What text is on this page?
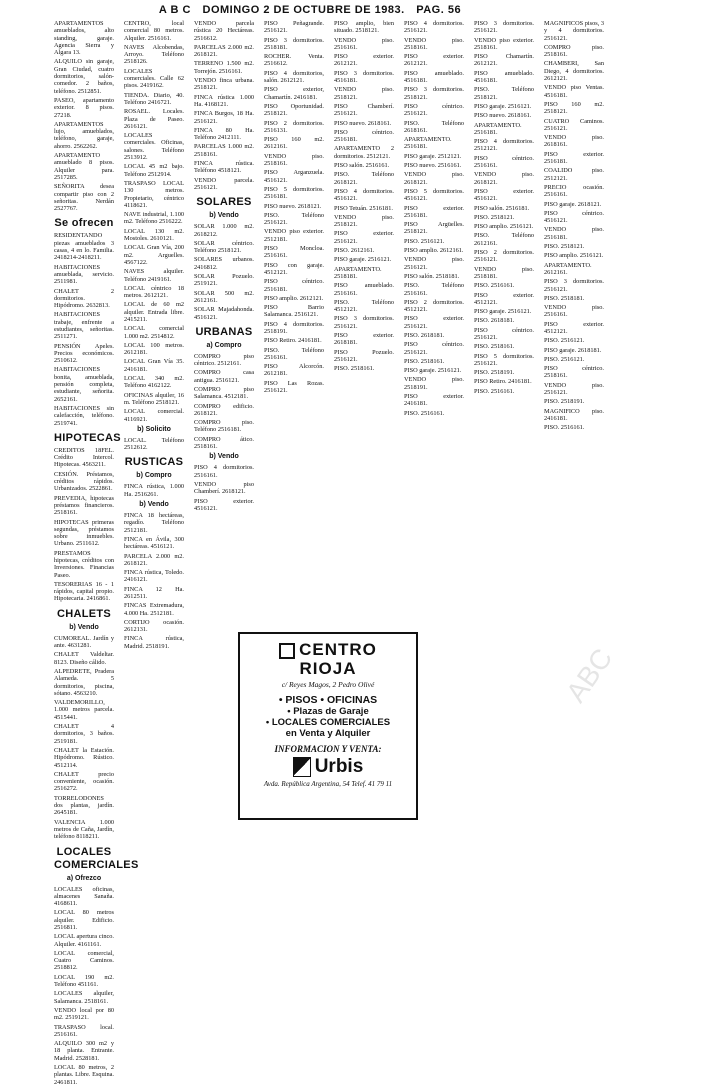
A B C DOMINGO 2 DE OCTUBRE DE 1983. PAG. 56
APARTAMENTOS amueblados, alto standing, garaje. Agencia Sierra y Algara 13.
ALQUILO sin garaje, Gran Ciudad, cuatro dormitorios, salón-comedor. 2 baños, teléfono. 2512851.
PASEO, apartamento exterior. 8 pisos. 27218.
APARTAMENTOS lujo, amueblados, teléfono, garaje, ahorro. 2562262.
APARTAMENTO amueblado 8 pisos. Alquiler para. 2517285.
SEÑORITA desea compartir piso con 2 señoritas. Nerdán 2527767.
Se ofrecen
RESIDENTANDO piezas amueblados 3 casas, 4 en lo. Familia. 2418214-2418211.
HABITACIONES amueblada, servicio. 2511981.
CHALET 2 dormitorios. Hipódromo. 2632813.
HABITACIONES trabaje, enfrente a estudiantes, señoritas. 2511271.
PENSIÓN Apeles. Precios económicos. 2510612.
HABITACIONES bonita, amueblada, pensión completa, estudiante, señorita. 2652161.
HABITACIONES sin calefacción, teléfono. 2519741.
HIPOTECAS
CREDITOS 18FEL. Crédito Intercol. Hipotecas. 4563211.
CESIÓN. Préstamos, créditos rápidos. Urbanizados. 2522861.
PREVEDIA, hipotecas préstamos financieros. 2518161.
HIPOTECAS primeras segundas, préstamos sobre inmuebles. Urbano. 2511612.
PRESTAMOS hipotecas, créditos con Inversiones. Financias Paseo.
TESORERIAS 16 - 1 rápidos, capital propio. Hipotecaria. 2416861.
CHALETS
b) Vendo
CUMOREAL. Jardín y ante. 4631281.
CHALET Valdeltar. 8123. Diseño cálido.
ALPEDRETE, Pradera Alameda. 5 dormitorios, piscina, sótano. 4563210.
VALDEMORILLO, 1.000 metros parcela. 4515441.
CHALET 4 dormitorios, 3 baños. 2519181.
CHALET la Estación. Hipódromo. Rústico. 4512114.
CHALET precio conveniente, ocasión. 2516272.
TORRELODONES dos plantas, jardín. 2645181.
VALENCIA 1.000 metros de Caña, Jardín, teléfono 8118211.
LOCALES COMERCIALES
a) Ofrezco
LOCALES oficinas, almacenes Sanaña. 4168611.
LOCAL 80 metros alquiler. Edificio. 2516811.
LOCAL apertura cinco. Alquiler. 4161161.
LOCAL comercial, Cuatro Caminos. 2518812.
LOCAL 190 m2. Teléfono 451161.
LOCALES alquiler, Salamanca. 2518161.
VENDO local por 80 m2. 2519121.
TRASPASO local. 2516161.
ALQUILO 300 m2 y 18 planta. Entrante. Madrid. 2528181.
LOCAL 80 metros, 2 plantas. Libre. Esquina. 2461811.
CENTRO, local comercial 80 metros. Alquiler. 2516161.
NAVES Alcobendas, Arroyo. Teléfono 2518126.
LOCALES comerciales. Calle 62 pisos. 2419162.
TIENDA. Diario, 40. Teléfono 2416721.
ROSAEL. Locales. Plaza de Paseo. 2616121.
LOCALES comerciales. Oficinas, salones. Teléfono 2513912.
LOCAL 45 m2 bajo. Teléfono 2512914.
TRASPASO LOCAL 130 metros. Propietario, céntrico 4118621.
NAVE industrial, 1.100 m2. Teléfono 2516222.
LOCAL 130 m2. Mostoles. 2610121.
LOCAL Gran Vía, 200 m2. Arguelles. 4567122.
NAVES alquiler. Teléfono 2419161.
LOCAL céntrico 18 metros. 2612121.
LOCAL de 60 m2 alquiler. Entrada libre. 2415211.
LOCAL comercial 1.000 m2. 2514812.
LOCAL 100 metros. 2612181.
LOCAL Gran Vía 35. 2416181.
LOCAL 340 m2. Teléfono 4162122.
OFICINAS alquiler, 16 m. Teléfono 2518121.
LOCAL comercial. 4116921.
b) Solicito
LOCAL. Teléfono 2512612.
RUSTICAS
b) Compro
FINCA rústica, 1.000 Ha. 2516261.
b) Vendo
FINCA 18 hectáreas, regadío. Teléfono 2512181.
FINCA en Ávila, 300 hectáreas. 4516121.
PARCELA 2.000 m2. 2618121.
FINCA rústica, Toledo. 2416121.
FINCA 12 Ha. 2612511.
FINCAS Extremadura, 4.000 Ha. 2512181.
CORTIJO ocasión. 2612131.
FINCA rústica, Madrid. 2518191.
VENDO parcela rústica 20 Hectáreas. 2516612.
PARCELAS 2.000 m2. 2618121.
TERRENO 1.500 m2. Torrejón. 2516161.
VENDO finca urbana. 2518121.
FINCA rústica 1.000 Ha. 4168121.
FINCA Burgos, 18 Ha. 2516121.
FINCA 80 Ha. Teléfono 2412111.
PARCELAS 1.000 m2. 2518161.
FINCA rústica. Teléfono 4518121.
VENDO parcela. 2516121.
SOLARES
b) Vendo
SOLAR 1.000 m2. 2618212.
SOLAR céntrico. Teléfono 2518121.
SOLARES urbanos. 2416812.
SOLAR Pozuelo. 2519121.
SOLAR 500 m2. 2612161.
SOLAR Majadahonda. 4516121.
URBANAS
a) Compro
COMPRO piso céntrico. 2512161.
COMPRO casa antigua. 2516121.
COMPRO piso Salamanca. 4512181.
COMPRO edificio. 2618121.
COMPRO piso. Teléfono 2516181.
COMPRO ático. 2518161.
b) Vendo
PISO 4 dormitorios. 2516161.
VENDO piso Chamberí. 2618121.
PISO exterior. 4516121.
PISO Peñagrande. 2516121.
PISO 3 dormitorios. 2518181.
ROCHER. Venta. 2516612.
PISO 4 dormitorios, salón. 2612121.
PISO exterior, Chamartín. 2416181.
PISO Oportunidad. 2518121.
PISO 2 dormitorios. 2516131.
PISO 160 m2. 2612161.
VENDO piso. 2518161.
PISO Arganzuela. 4516121.
PISO 5 dormitorios. 2516181.
PISO nuevo. 2618121.
PISO. Teléfono 2516121.
VENDO piso exterior. 2512181.
PISO Moncloa. 2516161.
PISO con garaje. 4512121.
PISO céntrico. 2516181.
PISO amplio. 2612121.
PISO Barrio Salamanca. 2516121.
PISO 4 dormitorios. 2518191.
PISO Retiro. 2416181.
PISO. Teléfono 2516161.
PISO Alcorcón. 2612181.
PISO Las Rozas. 2516121.
PISO amplio, bien situado. 2518121.
VENDO piso. 2516161.
PISO exterior. 2612121.
PISO 3 dormitorios. 4516181.
VENDO piso. 2518121.
PISO Chamberí. 2516121.
PISO nuevo. 2618161.
PISO céntrico. 2516181.
APARTAMENTO 2 dormitorios. 2512121.
PISO salón. 2516161.
PISO. Teléfono 2618121.
PISO 4 dormitorios. 4516121.
PISO Tetuán. 2516181.
VENDO piso. 2518121.
PISO exterior. 2516121.
PISO. 2612161.
PISO garaje. 2516121.
APARTAMENTO. 2518181.
PISO amueblado. 2516161.
PISO. Teléfono 4512121.
PISO 3 dormitorios. 2516121.
PISO exterior. 2618181.
PISO Pozuelo. 2516121.
PISO. 2518161.
PISO 4 dormitorios. 2516121.
VENDO piso. 2518161.
PISO exterior. 2612121.
PISO amueblado. 4516181.
PISO 3 dormitorios. 2518121.
PISO céntrico. 2516121.
PISO. Teléfono 2618161.
APARTAMENTO. 2516181.
PISO garaje. 2512121.
PISO nuevo. 2516161.
VENDO piso. 2618121.
PISO 5 dormitorios. 4516121.
PISO exterior. 2516181.
PISO Argüelles. 2518121.
PISO. 2516121.
PISO amplio. 2612161.
VENDO piso. 2516121.
PISO salón. 2518181.
PISO. Teléfono 2516161.
PISO 2 dormitorios. 4512121.
PISO exterior. 2516121.
PISO. 2618181.
PISO céntrico. 2516121.
PISO. 2518161.
PISO garaje. 2516121.
VENDO piso. 2518191.
PISO exterior. 2416181.
PISO. 2516161.
PISO 3 dormitorios. 2516121.
VENDO piso exterior. 2518161.
PISO Chamartín. 2612121.
PISO amueblado. 4516181.
PISO. Teléfono 2518121.
PISO garaje. 2516121.
PISO nuevo. 2618161.
APARTAMENTO. 2516181.
PISO 4 dormitorios. 2512121.
PISO céntrico. 2516161.
VENDO piso. 2618121.
PISO exterior. 4516121.
PISO salón. 2516181.
PISO. 2518121.
PISO amplio. 2516121.
PISO. Teléfono 2612161.
PISO 2 dormitorios. 2516121.
VENDO piso. 2518181.
PISO. 2516161.
PISO exterior. 4512121.
PISO garaje. 2516121.
PISO. 2618181.
PISO céntrico. 2516121.
PISO. 2518161.
PISO 5 dormitorios. 2516121.
PISO. 2518191.
PISO Retiro. 2416181.
PISO. 2516161.
MAGNIFICOS pisos, 3 y 4 dormitorios. 2516121.
COMPRO piso. 2518161.
CHAMBERI, San Diego, 4 dormitorios. 2612121.
VENDO piso Ventas. 4516181.
PISO 160 m2. 2518121.
CUATRO Caminos. 2516121.
VENDO piso. 2618161.
PISO exterior. 2516181.
COALIDO piso. 2512121.
PRECIO ocasión. 2516161.
PISO garaje. 2618121.
PISO céntrico. 4516121.
VENDO piso. 2516181.
PISO. 2518121.
PISO amplio. 2516121.
APARTAMENTO. 2612161.
PISO 3 dormitorios. 2516121.
PISO. 2518181.
VENDO piso. 2516161.
PISO exterior. 4512121.
PISO. 2516121.
PISO garaje. 2618181.
PISO. 2516121.
PISO céntrico. 2518161.
VENDO piso. 2516121.
PISO. 2518191.
MAGNIFICO piso. 2416181.
PISO. 2516161.
CENTRO RIOJA
c/ Reyes Magos, 2 Pedro Olivé
• PISOS • OFICINAS
• Plazas de Garaje
• LOCALES COMERCIALES
en Venta y Alquiler
INFORMACION Y VENTA:
Urbis
Avda. República Argentina, 54 Telef. 41 79 11
ABC
